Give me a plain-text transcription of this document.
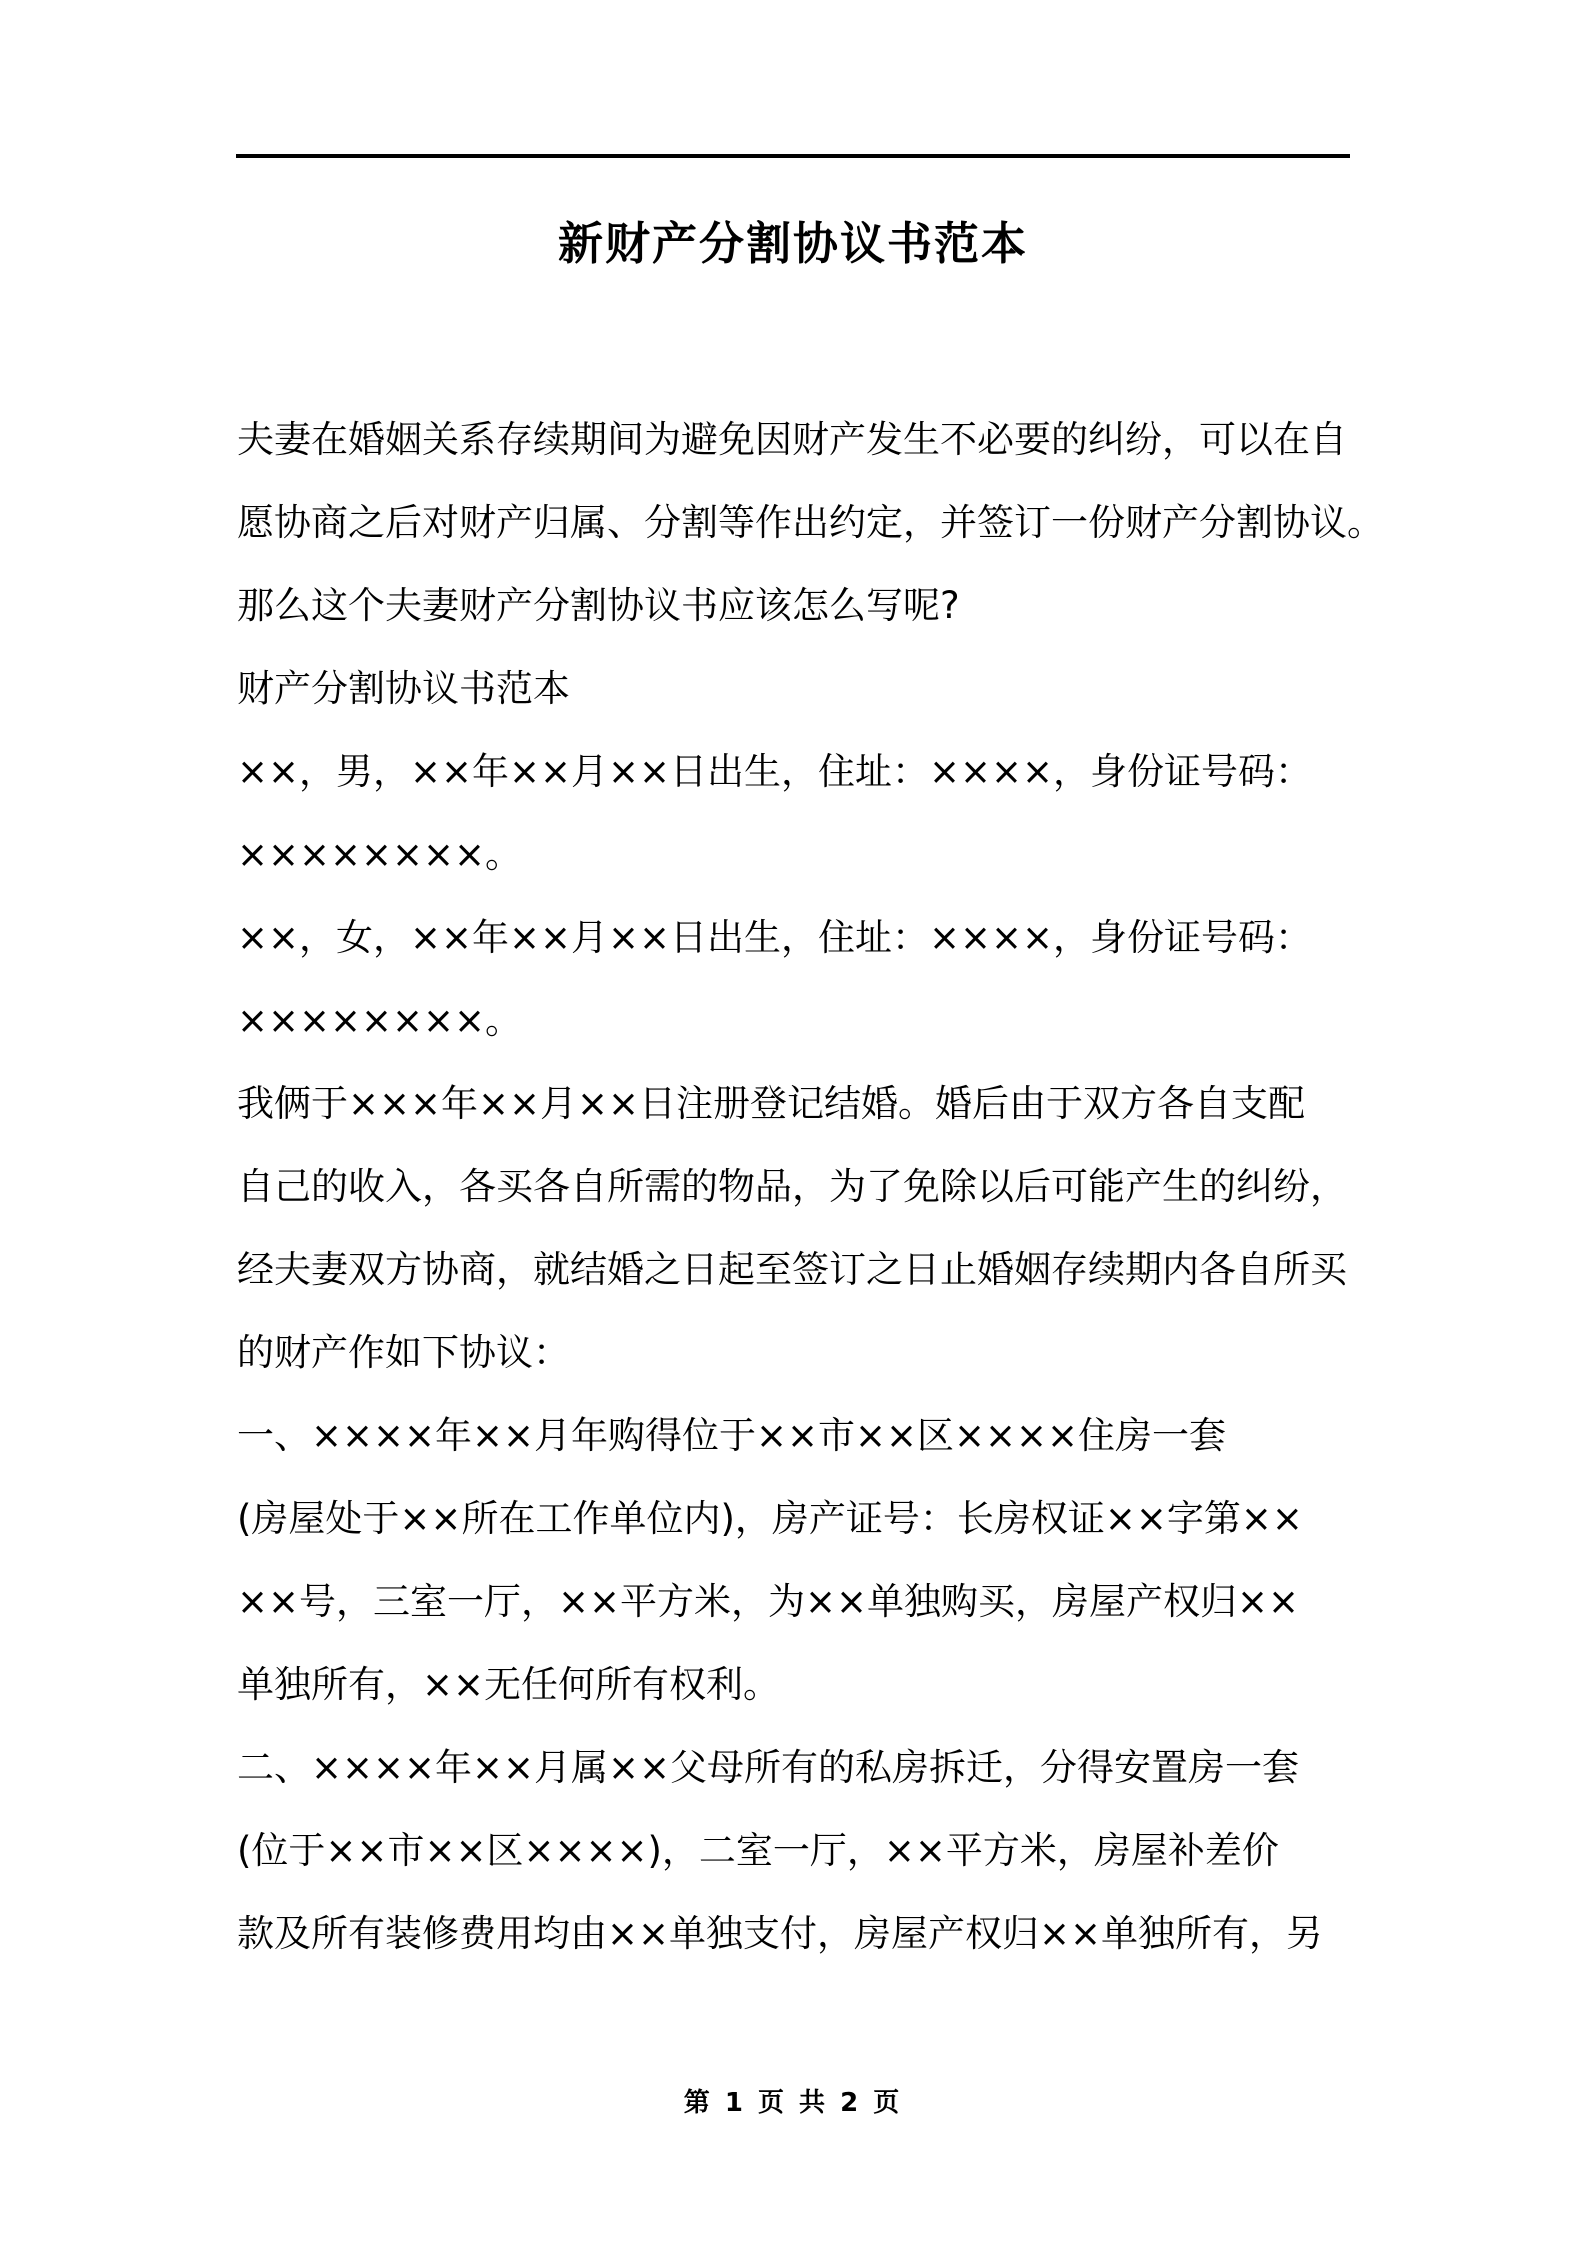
新财产分割协议书范本
夫妻在婚姻关系存续期间为避免因财产发生不必要的纠纷，可以在自
愿协商之后对财产归属、分割等作出约定，并签订一份财产分割协议。
那么这个夫妻财产分割协议书应该怎么写呢?
财产分割协议书范本
××，男，××年××月××日出生，住址：××××，身份证号码：
××××××××。
××，女，××年××月××日出生，住址：××××，身份证号码：
××××××××。
我俩于×××年××月××日注册登记结婚。婚后由于双方各自支配
自己的收入，各买各自所需的物品，为了免除以后可能产生的纠纷，
经夫妻双方协商，就结婚之日起至签订之日止婚姻存续期内各自所买
的财产作如下协议：
一、××××年××月年购得位于××市××区××××住房一套
(房屋处于××所在工作单位内)，房产证号：长房权证××字第××
××号，三室一厅，××平方米，为××单独购买，房屋产权归××
单独所有，××无任何所有权利。
二、××××年××月属××父母所有的私房拆迁，分得安置房一套
(位于××市××区××××)，二室一厅，××平方米，房屋补差价
款及所有装修费用均由××单独支付，房屋产权归××单独所有，另
第 1 页 共 2 页
